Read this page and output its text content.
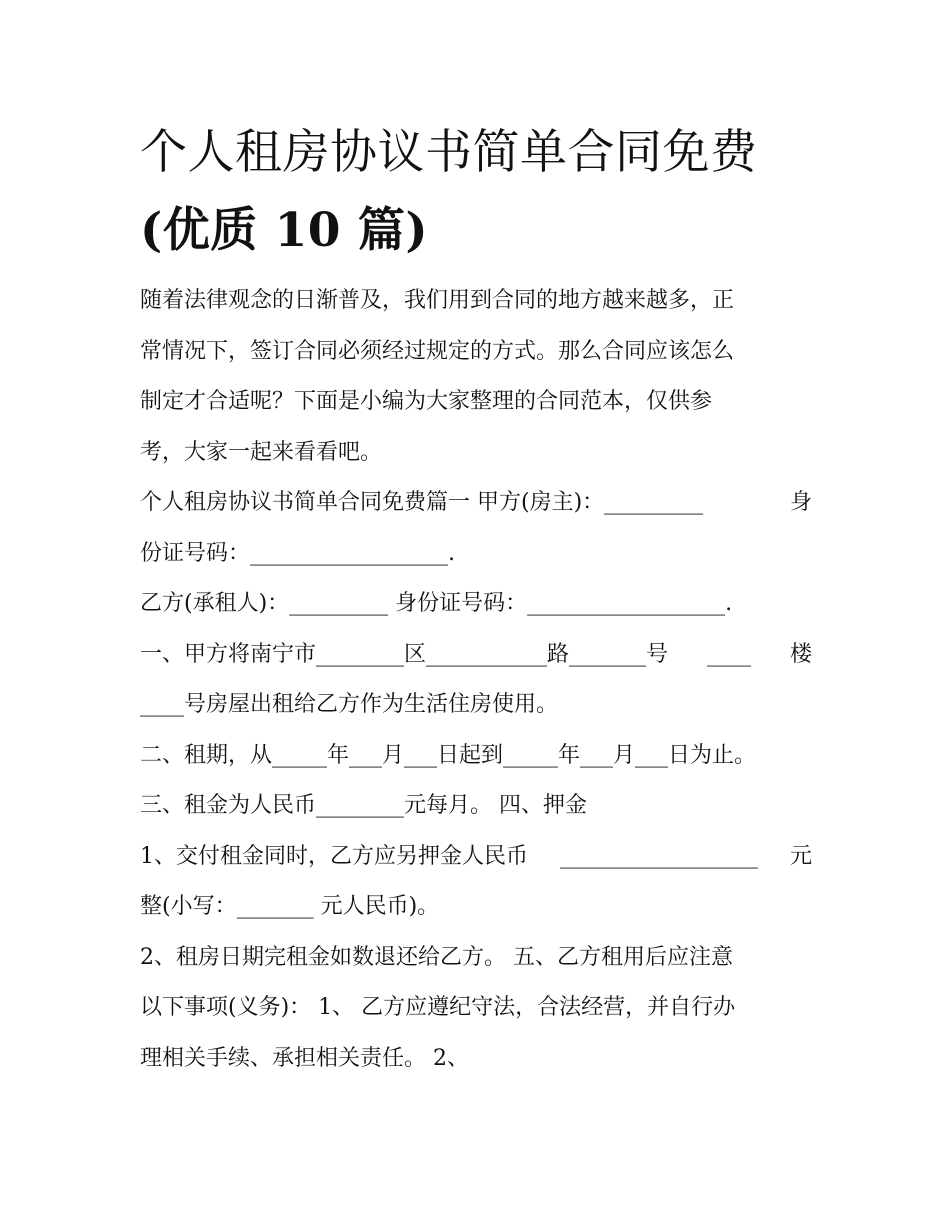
个人租房协议书简单合同免费
(优质 10 篇)
随着法律观念的日渐普及，我们用到合同的地方越来越多，正
常情况下，签订合同必须经过规定的方式。那么合同应该怎么
制定才合适呢？下面是小编为大家整理的合同范本，仅供参
考，大家一起来看看吧。
个人租房协议书简单合同免费篇一 甲方(房主)：_________	身
份证号码：__________________.
乙方(承租人)：_________ 身份证号码：__________________.
一、甲方将南宁市________区___________路_______号 ____ 楼
____号房屋出租给乙方作为生活住房使用。
二、租期，从_____年___月___日起到_____年___月___日为止。
三、租金为人民币________元每月。 四、押金
1、交付租金同时，乙方应另押金人民币 __________________ 元
整(小写：_______ 元人民币)。
2、租房日期完租金如数退还给乙方。 五、乙方租用后应注意
以下事项(义务)： 1、 乙方应遵纪守法，合法经营，并自行办
理相关手续、承担相关责任。 2、
